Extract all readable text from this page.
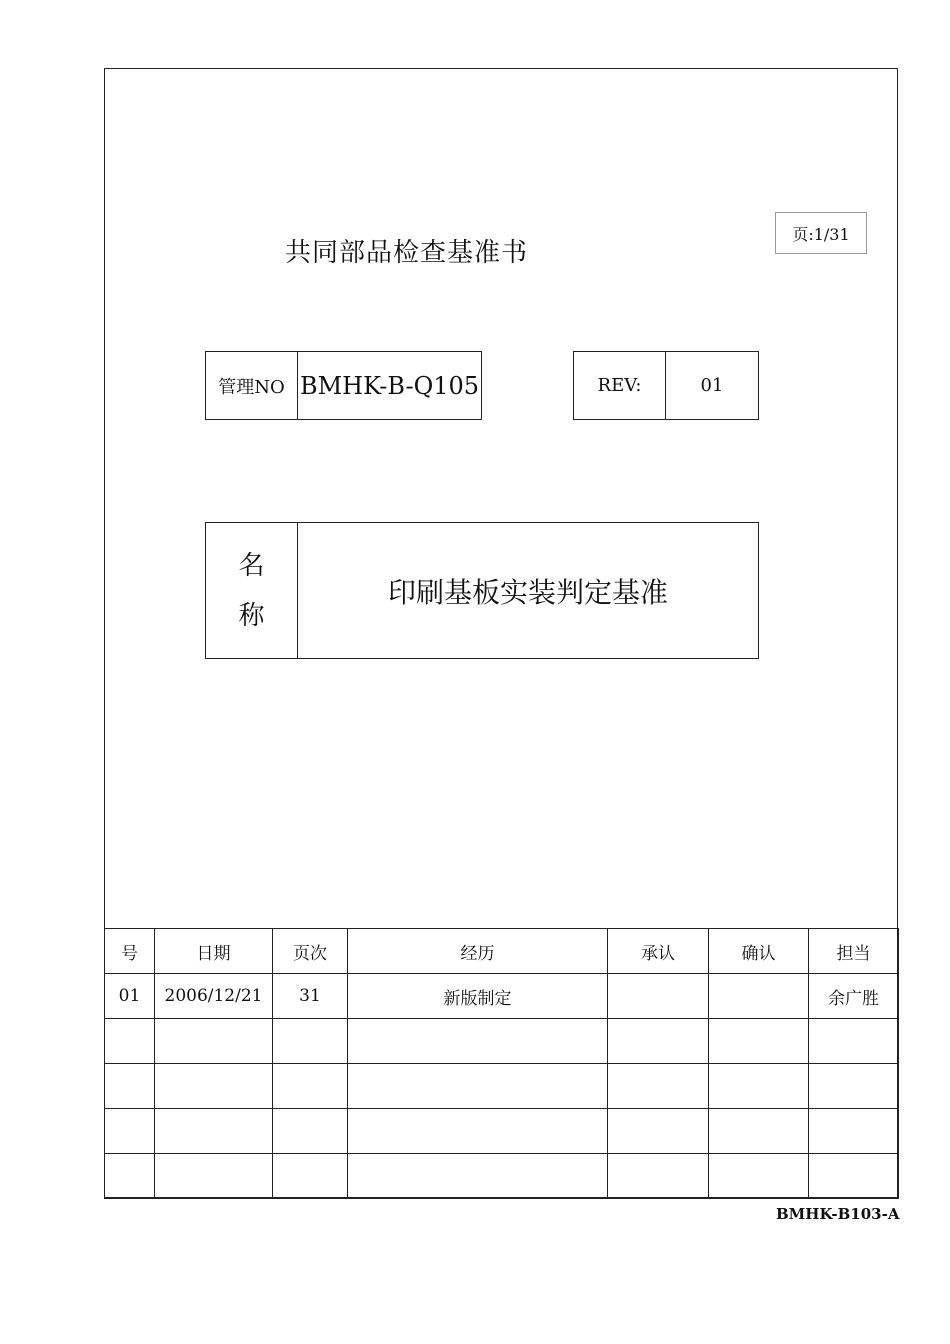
共同部品检查基准书
页:1/31
管理NO BMHK-B-Q105	REV:	01
名
称
印刷基板实装判定基准
号	日期	页次	经历	承认	确认	担当
01	2006/12/21	31	新版制定			余广胜

BMHK-B103-A
